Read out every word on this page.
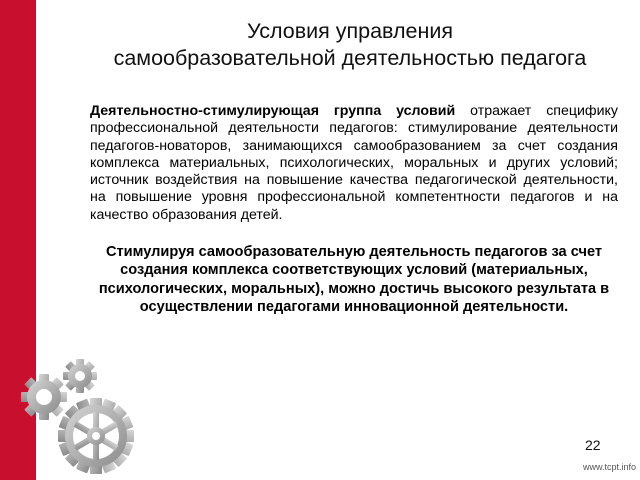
Условия управления
самообразовательной деятельностью педагога

Деятельностно-стимулирующая группа условий отражает специфику профессиональной деятельности педагогов: стимулирование деятельности педагогов-новаторов, занимающихся самообразованием за счет создания комплекса материальных, психологических, моральных и других условий; источник воздействия на повышение качества педагогической деятельности, на повышение уровня профессиональной компетентности педагогов и на качество образования детей.

Стимулируя самообразовательную деятельность педагогов за счет создания комплекса соответствующих условий (материальных, психологических, моральных), можно достичь высокого результата в осуществлении педагогами инновационной деятельности.

22
www.tcpt.info
